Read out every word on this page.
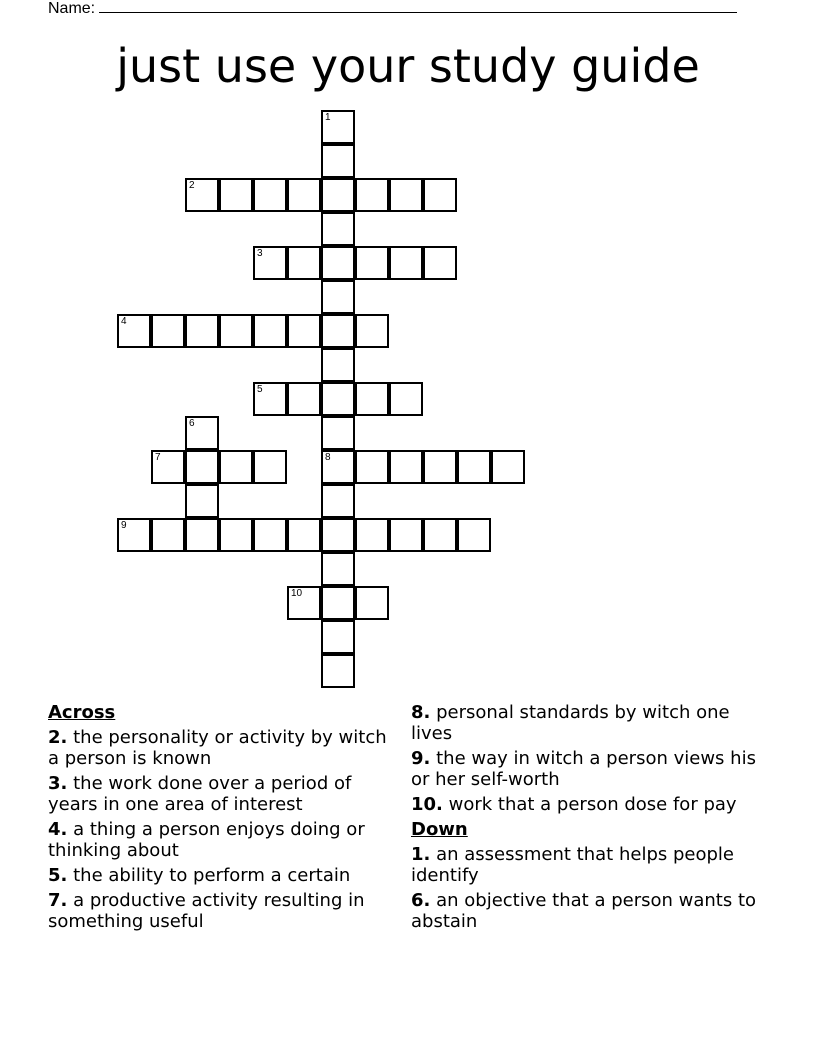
Name:
just use your study guide
1
8
2
3
4
5
6
7
9
10
Across
2. the personality or activity by witch a person is known
3. the work done over a period of years in one area of interest
4. a thing a person enjoys doing or thinking about
5. the ability to perform a certain
7. a productive activity resulting in something useful
8. personal standards by witch one lives
9. the way in witch a person views his or her self-worth
10. work that a person dose for pay
Down
1. an assessment that helps people identify
6. an objective that a person wants to abstain
